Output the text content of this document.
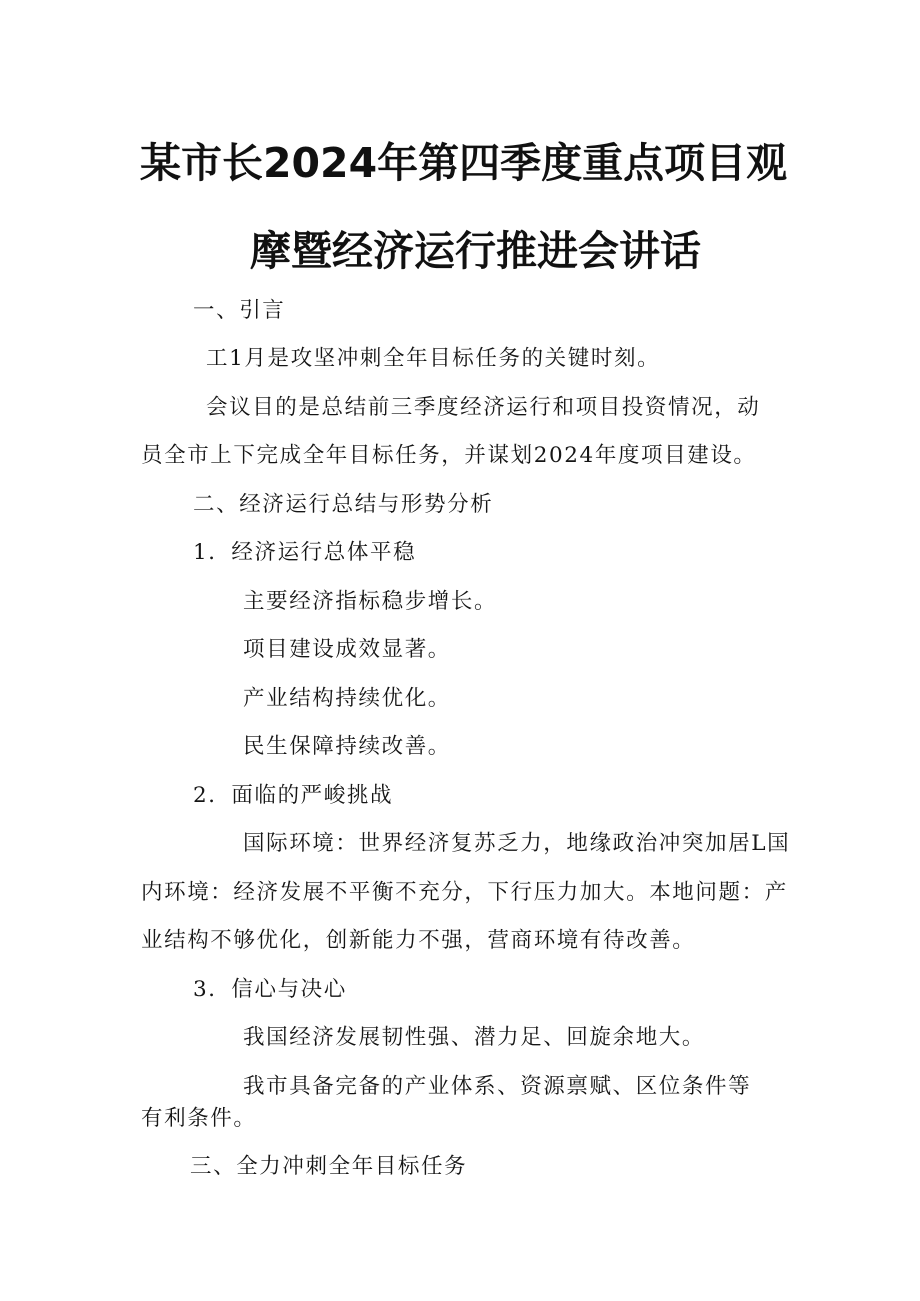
某市长2024年第四季度重点项目观
摩暨经济运行推进会讲话
一、引言
工1月是攻坚冲刺全年目标任务的关键时刻。
会议目的是总结前三季度经济运行和项目投资情况，动
员全市上下完成全年目标任务，并谋划2024年度项目建设。
二、经济运行总结与形势分析
1．经济运行总体平稳
主要经济指标稳步增长。
项目建设成效显著。
产业结构持续优化。
民生保障持续改善。
2．面临的严峻挑战
国际环境：世界经济复苏乏力，地缘政治冲突加居L国
内环境：经济发展不平衡不充分，下行压力加大。本地问题：产
业结构不够优化，创新能力不强，营商环境有待改善。
3．信心与决心
我国经济发展韧性强、潜力足、回旋余地大。
我市具备完备的产业体系、资源禀赋、区位条件等
有利条件。
三、全力冲刺全年目标任务
